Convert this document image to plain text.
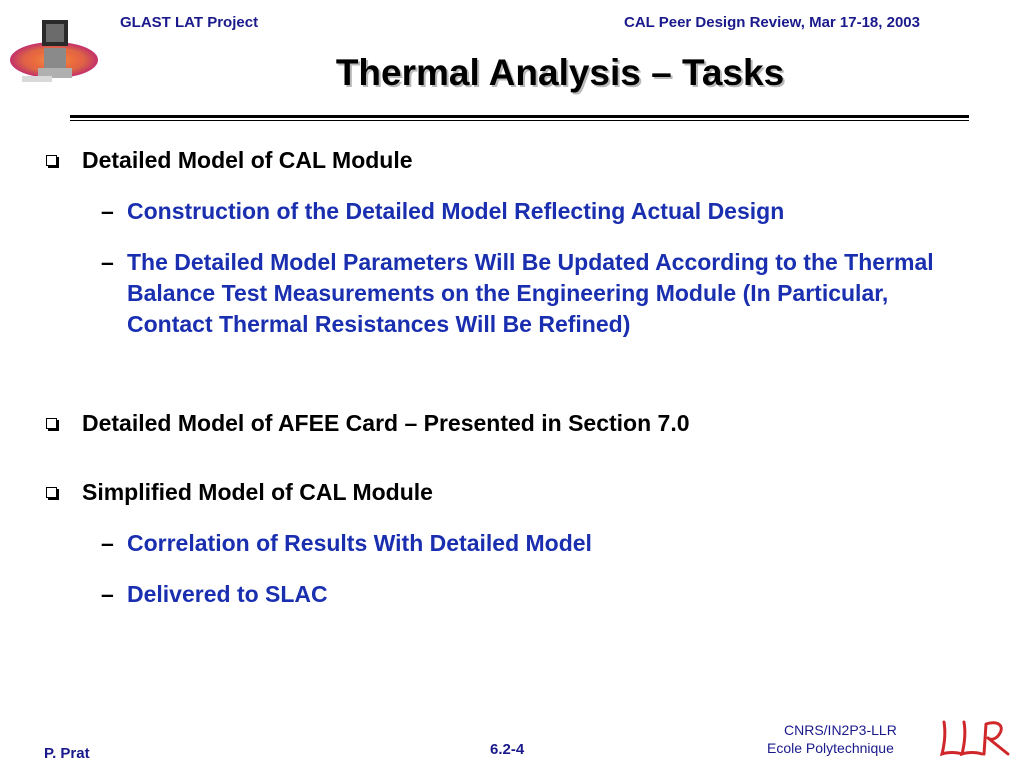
GLAST LAT Project	CAL Peer Design Review, Mar 17-18, 2003
Thermal Analysis – Tasks
Detailed Model of CAL Module
– Construction of the Detailed Model Reflecting Actual Design
– The Detailed Model Parameters Will Be Updated According to the Thermal Balance Test Measurements on the Engineering Module (In Particular, Contact Thermal Resistances Will Be Refined)
Detailed Model of AFEE Card – Presented in Section 7.0
Simplified Model of CAL Module
– Correlation of Results With Detailed Model
– Delivered to SLAC
P. Prat	6.2-4
CNRS/IN2P3-LLR
Ecole Polytechnique
